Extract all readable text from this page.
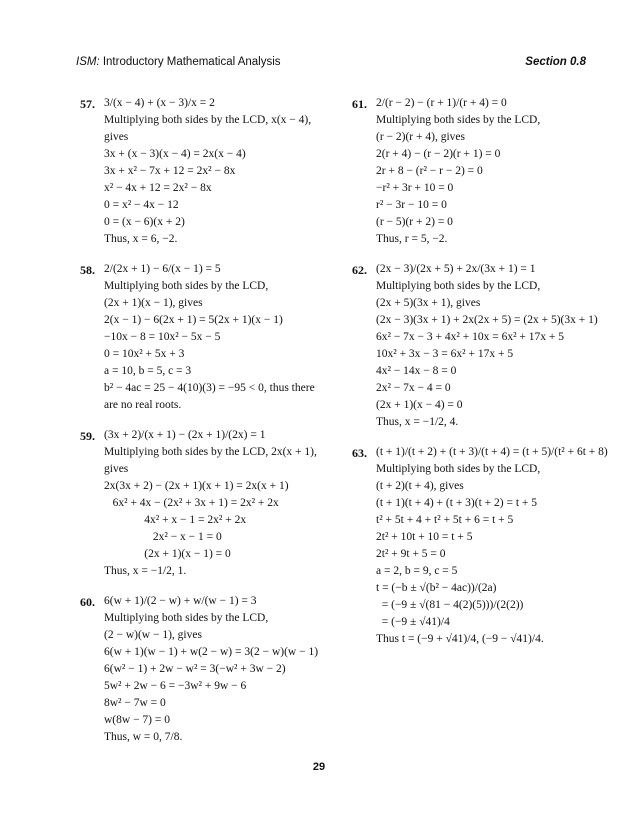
ISM: Introductory Mathematical Analysis	Section 0.8
57. 3/(x − 4) + (x − 3)/x = 2
Multiplying both sides by the LCD, x(x − 4),
gives
3x + (x − 3)(x − 4) = 2x(x − 4)
3x + x² − 7x + 12 = 2x² − 8x
x² − 4x + 12 = 2x² − 8x
0 = x² − 4x − 12
0 = (x − 6)(x + 2)
Thus, x = 6, −2.
58. 2/(2x + 1) − 6/(x − 1) = 5
Multiplying both sides by the LCD,
(2x + 1)(x − 1), gives
2(x − 1) − 6(2x + 1) = 5(2x + 1)(x − 1)
−10x − 8 = 10x² − 5x − 5
0 = 10x² + 5x + 3
a = 10, b = 5, c = 3
b² − 4ac = 25 − 4(10)(3) = −95 < 0, thus there
are no real roots.
59. (3x + 2)/(x + 1) − (2x + 1)/(2x) = 1
Multiplying both sides by the LCD, 2x(x + 1),
gives
2x(3x + 2) − (2x + 1)(x + 1) = 2x(x + 1)
6x² + 4x − (2x² + 3x + 1) = 2x² + 2x
4x² + x − 1 = 2x² + 2x
2x² − x − 1 = 0
(2x + 1)(x − 1) = 0
Thus, x = −1/2, 1.
60. 6(w + 1)/(2 − w) + w/(w − 1) = 3
Multiplying both sides by the LCD,
(2 − w)(w − 1), gives
6(w + 1)(w − 1) + w(2 − w) = 3(2 − w)(w − 1)
6(w² − 1) + 2w − w² = 3(−w² + 3w − 2)
5w² + 2w − 6 = −3w² + 9w − 6
8w² − 7w = 0
w(8w − 7) = 0
Thus, w = 0, 7/8.
61. 2/(r − 2) − (r + 1)/(r + 4) = 0
Multiplying both sides by the LCD,
(r − 2)(r + 4), gives
2(r + 4) − (r − 2)(r + 1) = 0
2r + 8 − (r² − r − 2) = 0
−r² + 3r + 10 = 0
r² − 3r − 10 = 0
(r − 5)(r + 2) = 0
Thus, r = 5, −2.
62. (2x − 3)/(2x + 5) + 2x/(3x + 1) = 1
Multiplying both sides by the LCD,
(2x + 5)(3x + 1), gives
(2x − 3)(3x + 1) + 2x(2x + 5) = (2x + 5)(3x + 1)
6x² − 7x − 3 + 4x² + 10x = 6x² + 17x + 5
10x² + 3x − 3 = 6x² + 17x + 5
4x² − 14x − 8 = 0
2x² − 7x − 4 = 0
(2x + 1)(x − 4) = 0
Thus, x = −1/2, 4.
63. (t + 1)/(t + 2) + (t + 3)/(t + 4) = (t + 5)/(t² + 6t + 8)
Multiplying both sides by the LCD,
(t + 2)(t + 4), gives
(t + 1)(t + 4) + (t + 3)(t + 2) = t + 5
t² + 5t + 4 + t² + 5t + 6 = t + 5
2t² + 10t + 10 = t + 5
2t² + 9t + 5 = 0
a = 2, b = 9, c = 5
t = (−b ± √(b² − 4ac))/(2a)
= (−9 ± √(81 − 4(2)(5)))/(2(2))
= (−9 ± √41)/4
Thus t = (−9 + √41)/4, (−9 − √41)/4.
29
